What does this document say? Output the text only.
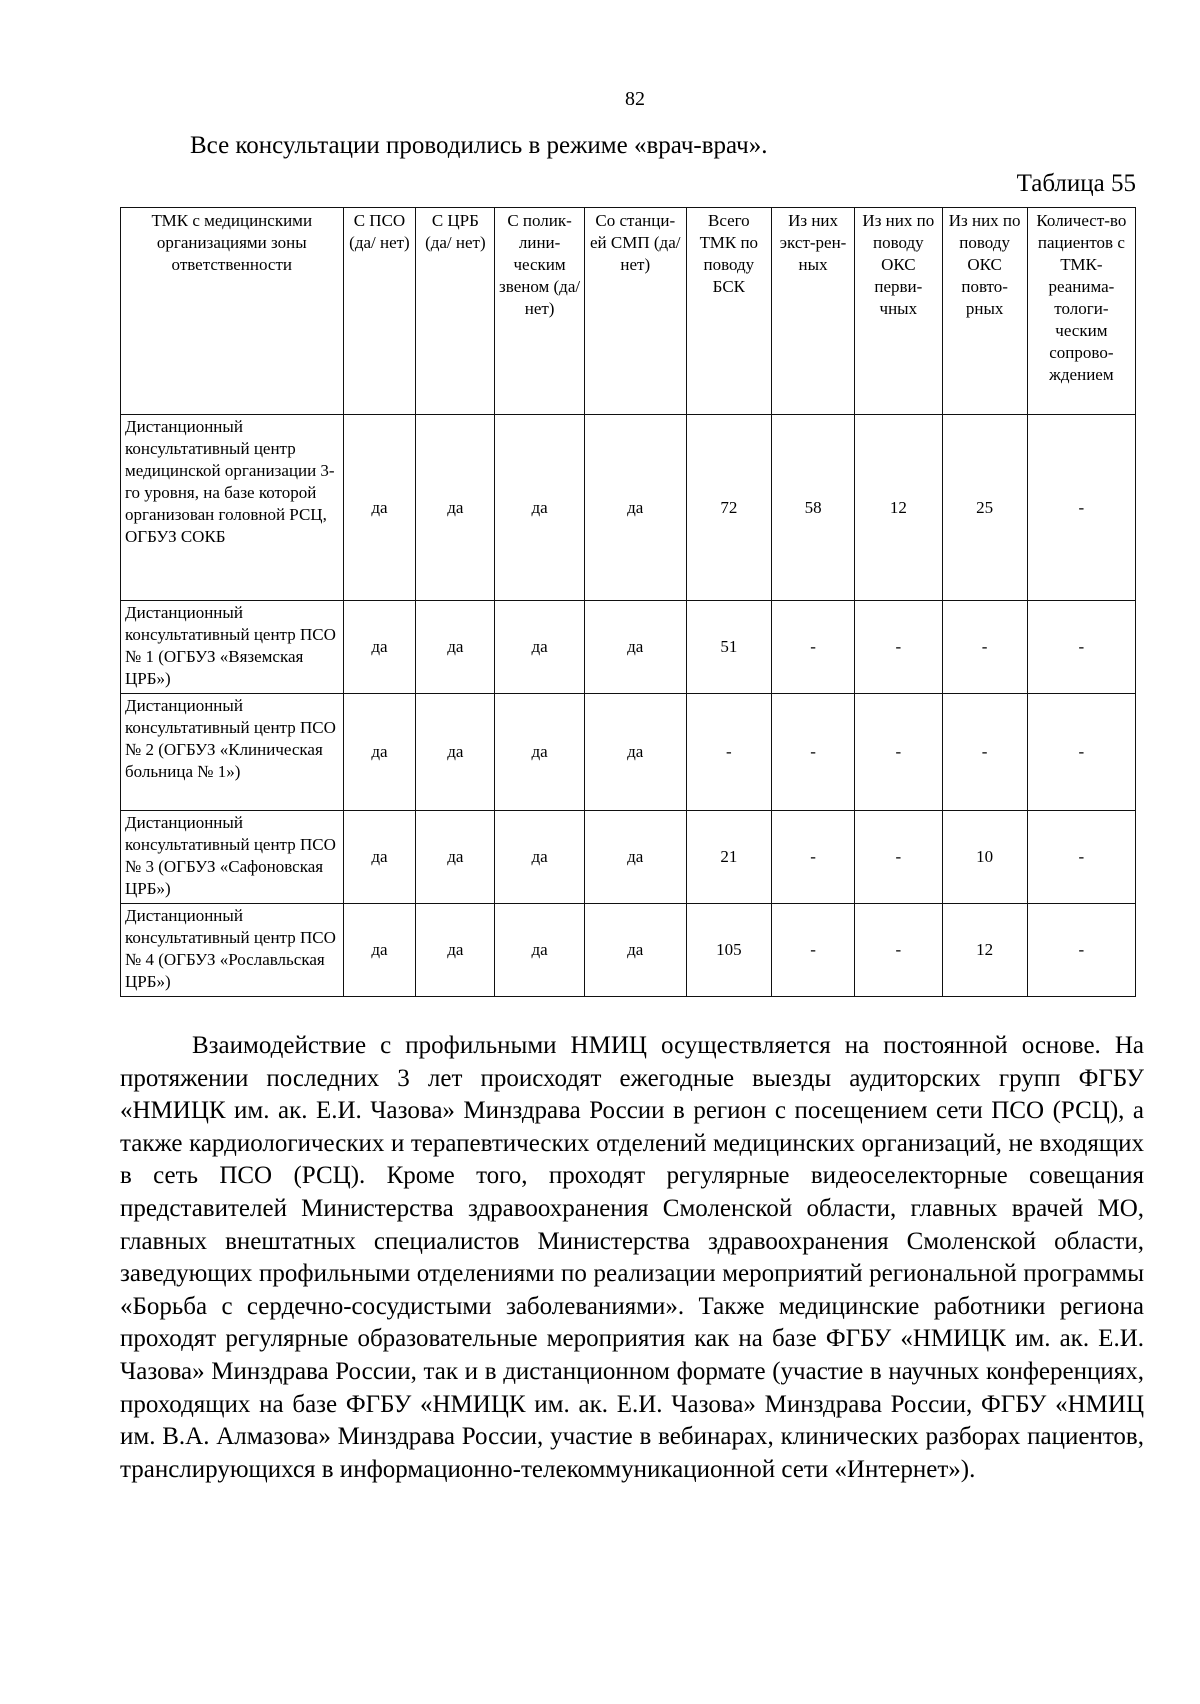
82
Все консультации проводились в режиме «врач-врач».
Таблица 55
ТМК с медицинскими организациями зоны ответственности	С ПСО (да/ нет)	С ЦРБ (да/ нет)	С полик-лини-ческим звеном (да/ нет)	Со станци-ей СМП (да/нет)	Всего ТМК по поводу БСК	Из них экст-рен-ных	Из них по поводу ОКС перви-чных	Из них по поводу ОКС повто-рных	Количест-во пациентов с ТМК-реанима-тологи-ческим сопрово-ждением
Дистанционный консультативный центр медицинской организации 3-го уровня, на базе которой организован головной РСЦ, ОГБУЗ СОКБ	да	да	да	да	72	58	12	25	-
Дистанционный консультативный центр ПСО № 1 (ОГБУЗ «Вяземская ЦРБ»)	да	да	да	да	51	-	-	-	-
Дистанционный консультативный центр ПСО № 2 (ОГБУЗ «Клиническая больница № 1»)	да	да	да	да	-	-	-	-	-
Дистанционный консультативный центр ПСО № 3 (ОГБУЗ «Сафоновская ЦРБ»)	да	да	да	да	21	-	-	10	-
Дистанционный консультативный центр ПСО № 4 (ОГБУЗ «Рославльская ЦРБ»)	да	да	да	да	105	-	-	12	-

Взаимодействие с профильными НМИЦ осуществляется на постоянной основе. На протяжении последних 3 лет происходят ежегодные выезды аудиторских групп ФГБУ «НМИЦК им. ак. Е.И. Чазова» Минздрава России в регион с посещением сети ПСО (РСЦ), а также кардиологических и терапевтических отделений медицинских организаций, не входящих в сеть ПСО (РСЦ). Кроме того, проходят регулярные видеоселекторные совещания представителей Министерства здравоохранения Смоленской области, главных врачей МО, главных внештатных специалистов Министерства здравоохранения Смоленской области, заведующих профильными отделениями по реализации мероприятий региональной программы «Борьба с сердечно-сосудистыми заболеваниями». Также медицинские работники региона проходят регулярные образовательные мероприятия как на базе ФГБУ «НМИЦК им. ак. Е.И. Чазова» Минздрава России, так и в дистанционном формате (участие в научных конференциях, проходящих на базе ФГБУ «НМИЦК им. ак. Е.И. Чазова» Минздрава России, ФГБУ «НМИЦ им. В.А. Алмазова» Минздрава России, участие в вебинарах, клинических разборах пациентов, транслирующихся в информационно-телекоммуникационной сети «Интернет»).
